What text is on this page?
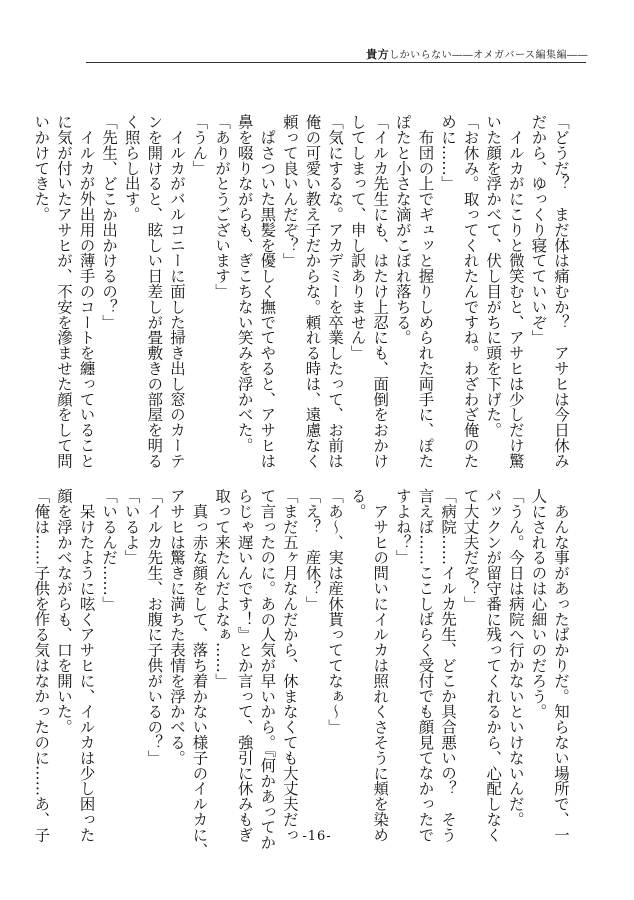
貴方しかいらない――オメガバース編集編――
「どうだ？　まだ体は痛むか？　アサヒは今日休み
だから、ゆっくり寝てていいぞ」
　イルカがにこりと微笑むと、アサヒは少しだけ驚
いた顔を浮かべて、伏し目がちに頭を下げた。
「お休み。取ってくれたんですね。わざわざ俺のた
めに……」
　布団の上でギュッと握りしめられた両手に、ぽた
ぽたと小さな滴がこぼれ落ちる。
「イルカ先生にも、はたけ上忍にも、面倒をおかけ
してしまって、申し訳ありません」
「気にするな。アカデミーを卒業したって、お前は
俺の可愛い教え子だからな。頼れる時は、遠慮なく
頼って良いんだぞ？」
　ぱさついた黒髪を優しく撫でてやると、アサヒは
鼻を啜りながらも、ぎこちない笑みを浮かべた。
「ありがとうございます」
「うん」
　イルカがバルコニーに面した掃き出し窓のカーテ
ンを開けると、眩しい日差しが畳敷きの部屋を明る
く照らし出す。
「先生、どこか出かけるの？」
　イルカが外出用の薄手のコートを纏っていること
に気が付いたアサヒが、不安を滲ませた顔をして問
いかけてきた。
　あんな事があったばかりだ。知らない場所で、一
人にされるのは心細いのだろう。
「うん。今日は病院へ行かないといけないんだ。
パックンが留守番に残ってくれるから、心配しなく
て大丈夫だぞ？」
「病院……イルカ先生、どこか具合悪いの？　そう
言えば……ここしばらく受付でも顔見てなかったで
すよね？」
　アサヒの問いにイルカは照れくさそうに頬を染め
る。
「あ～、実は産休貰っててなぁ～」
「え？　産休？」
「まだ五ヶ月なんだから、休まなくても大丈夫だっ
て言ったのに。あの人気が早いから。『何かあってか
らじゃ遅いんです！』とか言って、強引に休みもぎ
取って来たんだよなぁ……」
　真っ赤な顔をして、落ち着かない様子のイルカに、
アサヒは驚きに満ちた表情を浮かべる。
「イルカ先生、お腹に子供がいるの？」
「いるよ」
「いるんだ……」
　呆けたように呟くアサヒに、イルカは少し困った
顔を浮かべながらも、口を開いた。
「俺は……子供を作る気はなかったのに……あ、子	-16-
